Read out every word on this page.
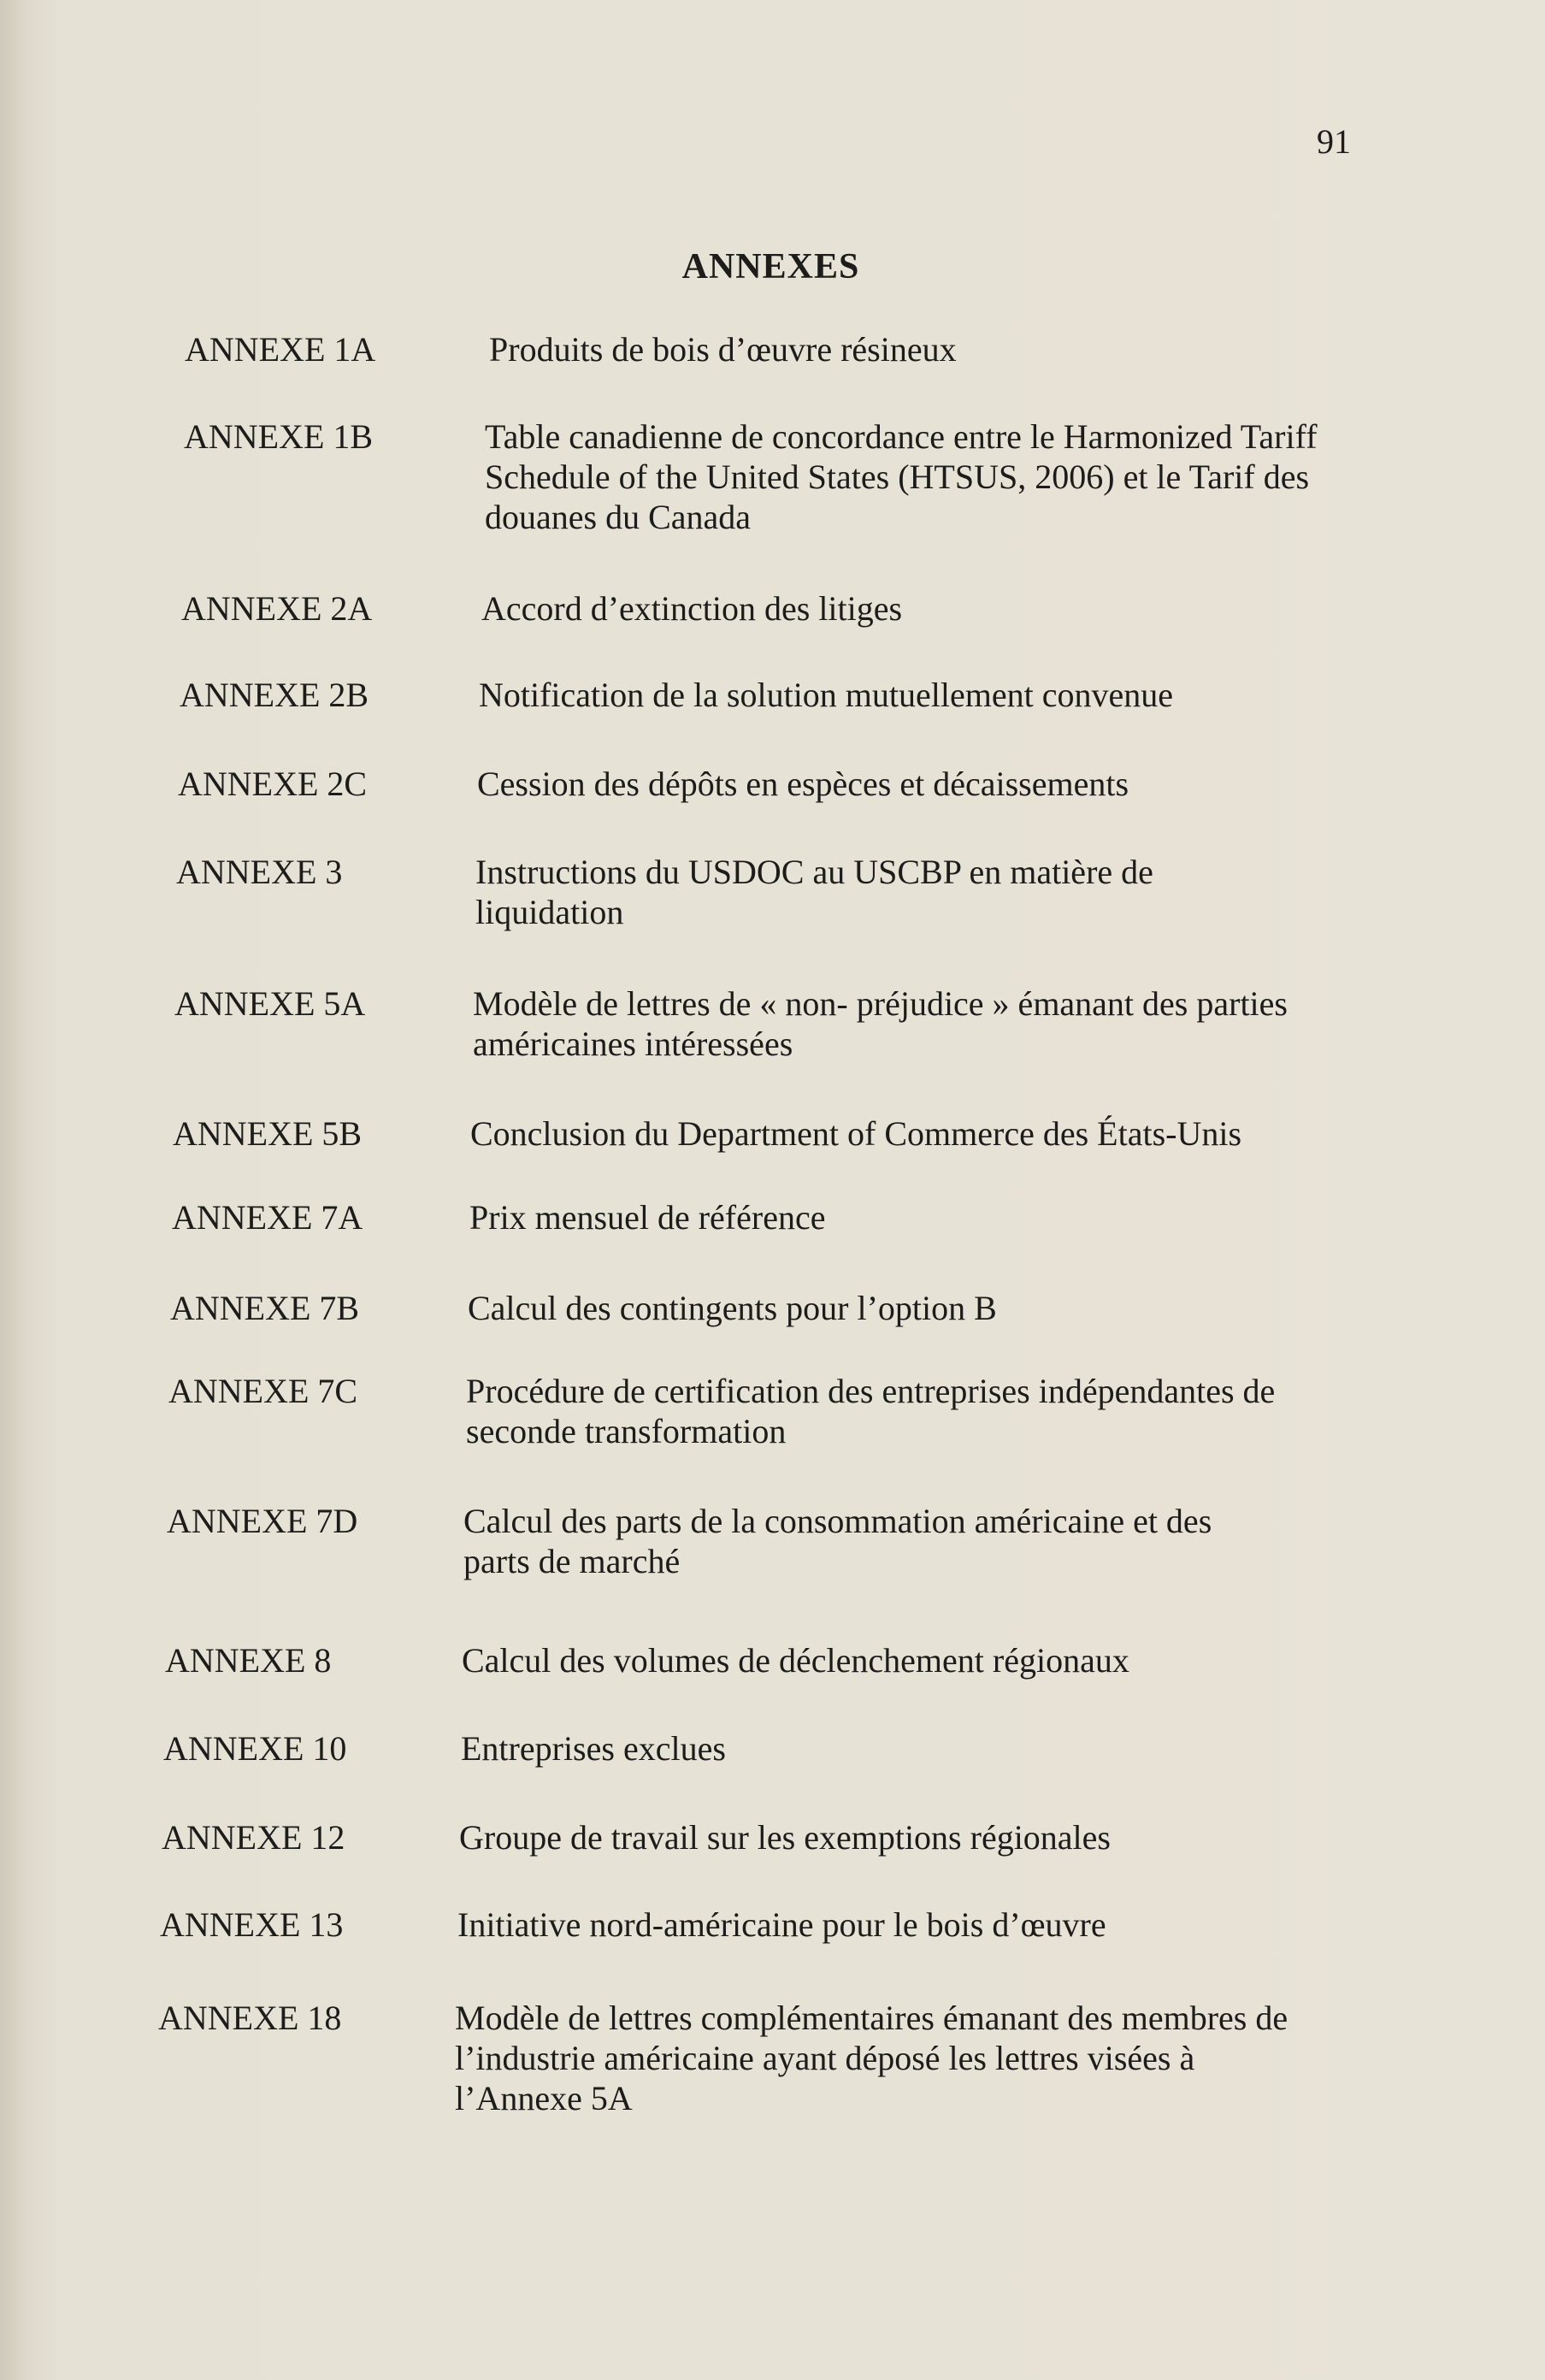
91
ANNEXES
ANNEXE 1A	Produits de bois d’œuvre résineux
ANNEXE 1B	Table canadienne de concordance entre le Harmonized Tariff Schedule of the United States (HTSUS, 2006) et le Tarif des douanes du Canada
ANNEXE 2A	Accord d’extinction des litiges
ANNEXE 2B	Notification de la solution mutuellement convenue
ANNEXE 2C	Cession des dépôts en espèces et décaissements
ANNEXE 3	Instructions du USDOC au USCBP en matière de liquidation
ANNEXE 5A	Modèle de lettres de « non- préjudice » émanant des parties américaines intéressées
ANNEXE 5B	Conclusion du Department of Commerce des États-Unis
ANNEXE 7A	Prix mensuel de référence
ANNEXE 7B	Calcul des contingents pour l’option B
ANNEXE 7C	Procédure de certification des entreprises indépendantes de seconde transformation
ANNEXE 7D	Calcul des parts de la consommation américaine et des parts de marché
ANNEXE 8	Calcul des volumes de déclenchement régionaux
ANNEXE 10	Entreprises exclues
ANNEXE 12	Groupe de travail sur les exemptions régionales
ANNEXE 13	Initiative nord-américaine pour le bois d’œuvre
ANNEXE 18	Modèle de lettres complémentaires émanant des membres de l’industrie américaine ayant déposé les lettres visées à l’Annexe 5A
